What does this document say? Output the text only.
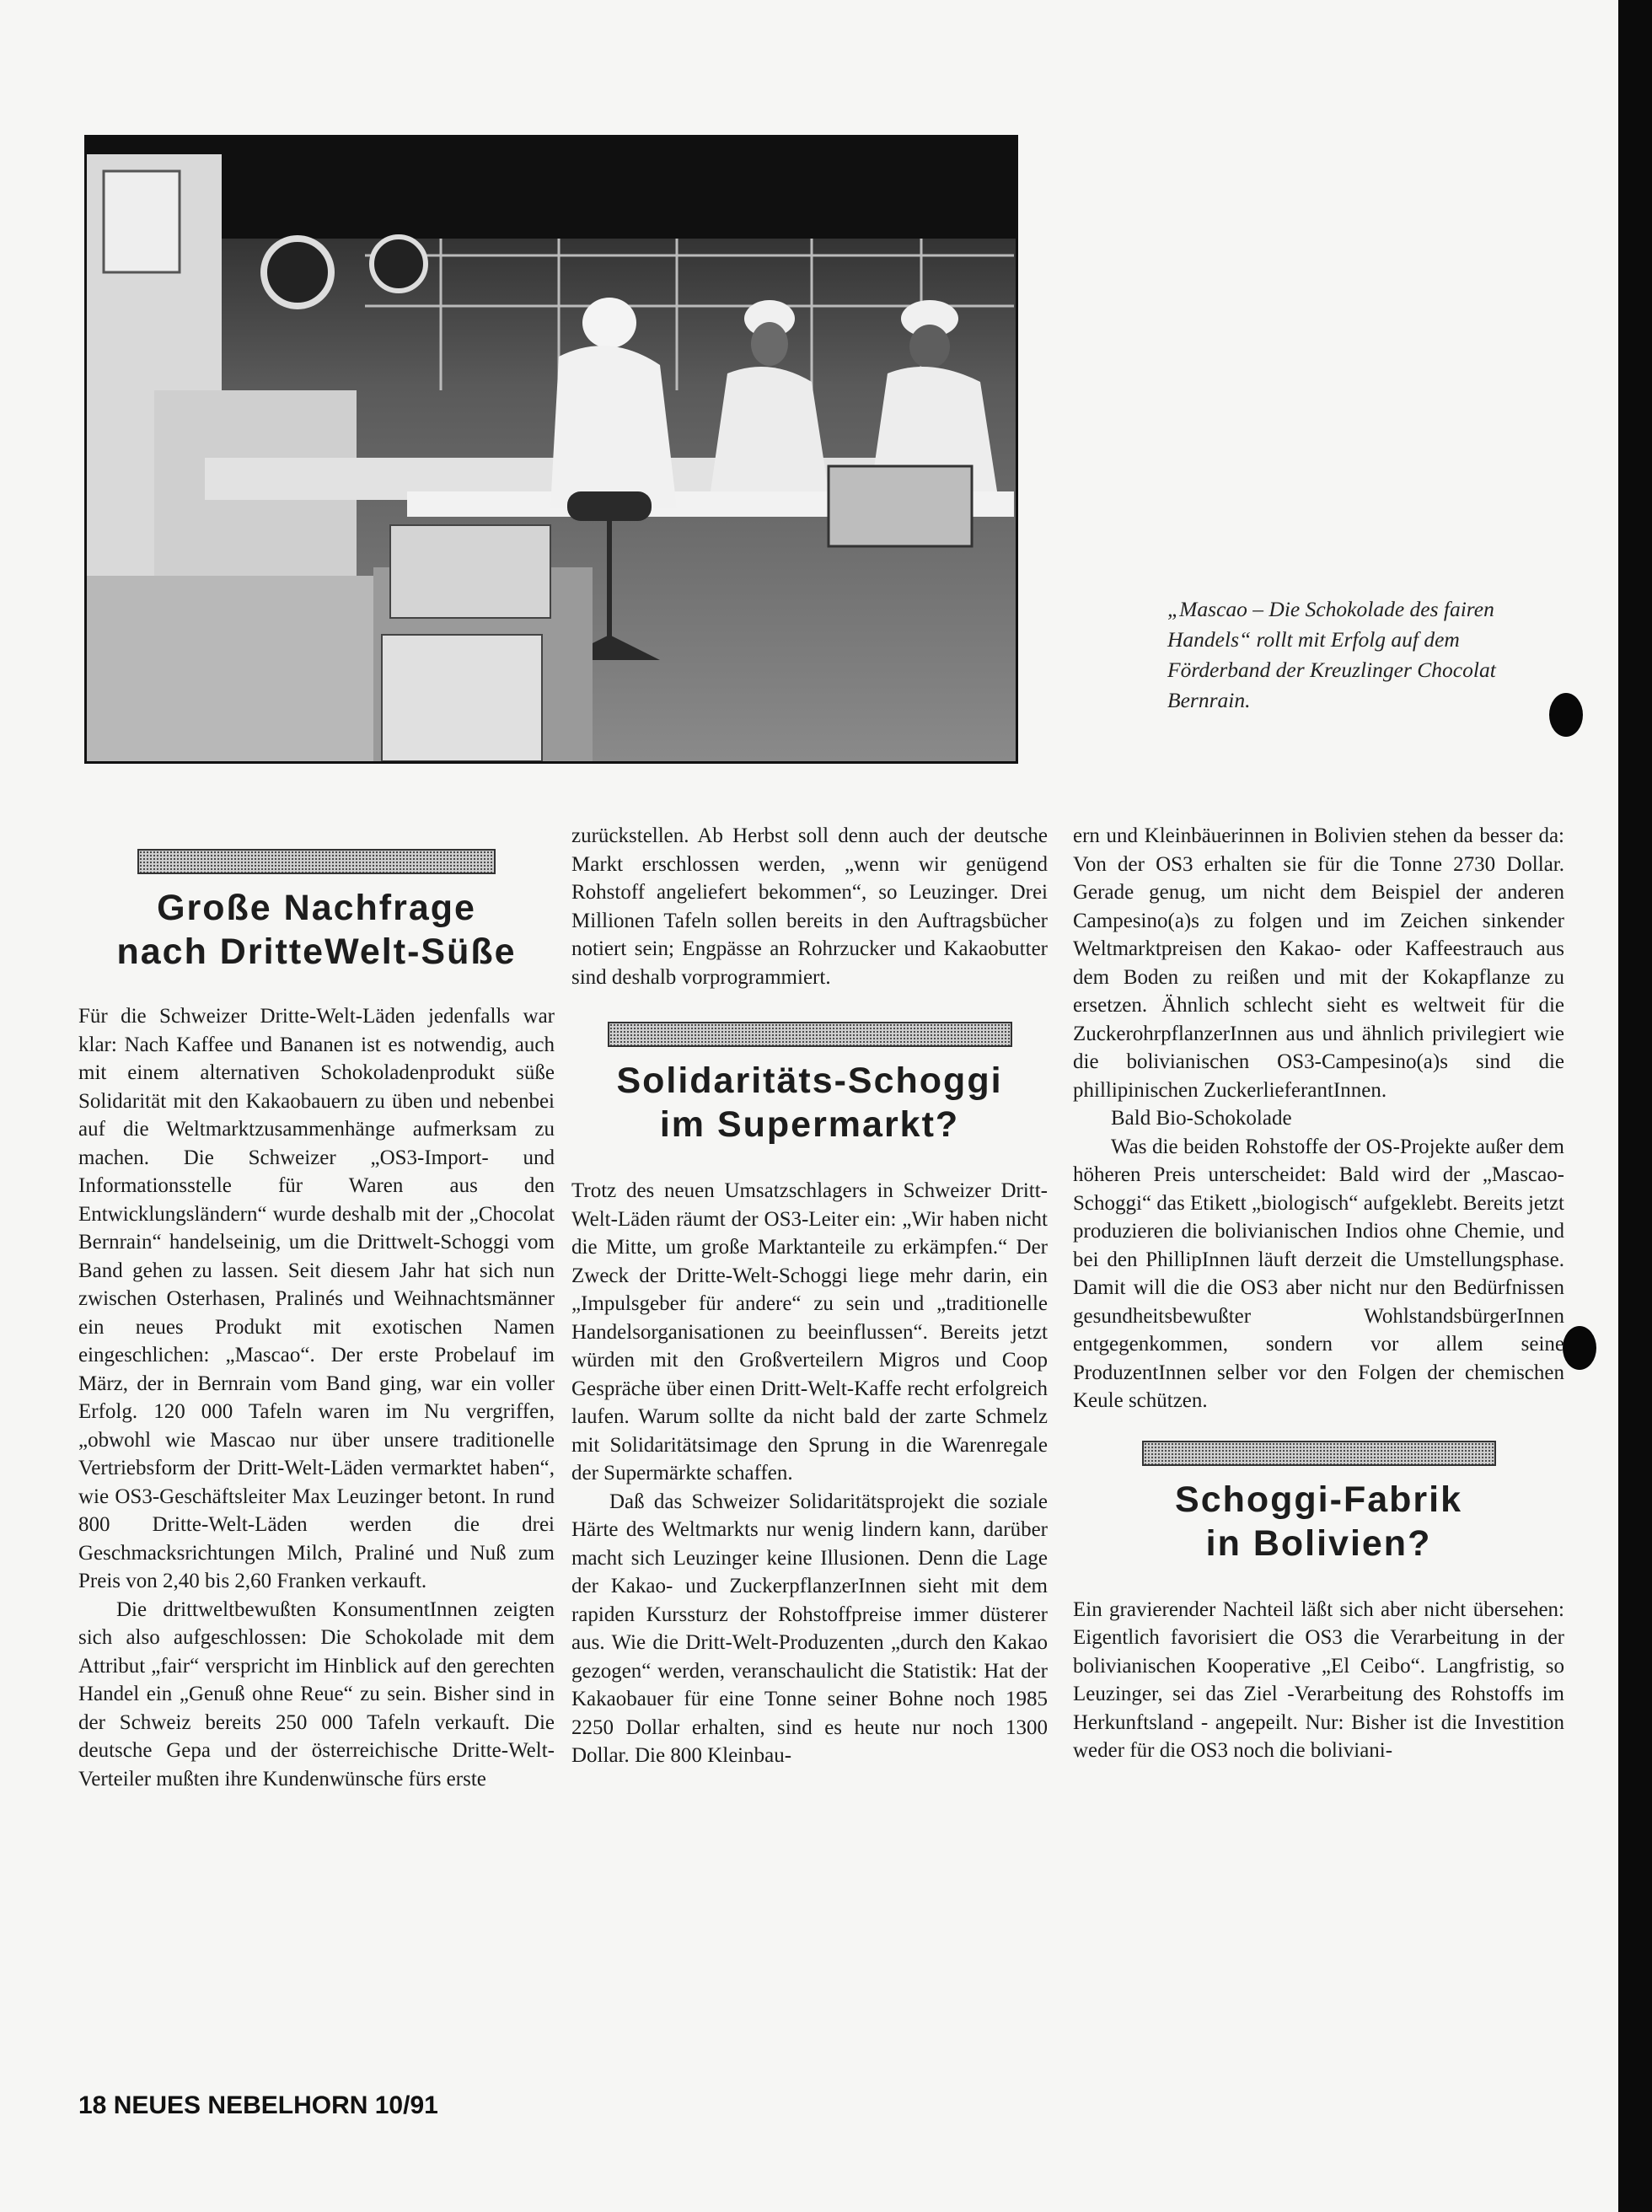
„Mascao – Die Schokolade des fairen Handels“ rollt mit Erfolg auf dem Förderband der Kreuzlinger Chocolat Bernrain.
Große Nachfrage
nach DritteWelt-Süße

Für die Schweizer Dritte-Welt-Läden jedenfalls war klar: Nach Kaffee und Bananen ist es notwendig, auch mit einem alternativen Schokoladenprodukt süße Solidarität mit den Kakaobauern zu üben und nebenbei auf die Weltmarktzusammenhänge aufmerksam zu machen. Die Schweizer „OS3-Import- und Informationsstelle für Waren aus den Entwicklungsländern“ wurde deshalb mit der „Chocolat Bernrain“ handelseinig, um die Drittwelt-Schoggi vom Band gehen zu lassen. Seit diesem Jahr hat sich nun zwischen Osterhasen, Pralinés und Weihnachtsmänner ein neues Produkt mit exotischen Namen eingeschlichen: „Mascao“. Der erste Probelauf im März, der in Bernrain vom Band ging, war ein voller Erfolg. 120 000 Tafeln waren im Nu vergriffen, „obwohl wie Mascao nur über unsere traditionelle Vertriebsform der Dritt-Welt-Läden vermarktet haben“, wie OS3-Geschäftsleiter Max Leuzinger betont. In rund 800 Dritte-Welt-Läden werden die drei Geschmacksrichtungen Milch, Praliné und Nuß zum Preis von 2,40 bis 2,60 Franken verkauft.

Die drittweltbewußten KonsumentInnen zeigten sich also aufgeschlossen: Die Schokolade mit dem Attribut „fair“ verspricht im Hinblick auf den gerechten Handel ein „Genuß ohne Reue“ zu sein. Bisher sind in der Schweiz bereits 250 000 Tafeln verkauft. Die deutsche Gepa und der österreichische Dritte-Welt-Verteiler mußten ihre Kundenwünsche fürs erste

zurückstellen. Ab Herbst soll denn auch der deutsche Markt erschlossen werden, „wenn wir genügend Rohstoff angeliefert bekommen“, so Leuzinger. Drei Millionen Tafeln sollen bereits in den Auftragsbücher notiert sein; Engpässe an Rohrzucker und Kakaobutter sind deshalb vorprogrammiert.

Solidaritäts-Schoggi
im Supermarkt?

Trotz des neuen Umsatzschlagers in Schweizer Dritt-Welt-Läden räumt der OS3-Leiter ein: „Wir haben nicht die Mitte, um große Marktanteile zu erkämpfen.“ Der Zweck der Dritte-Welt-Schoggi liege mehr darin, ein „Impulsgeber für andere“ zu sein und „traditionelle Handelsorganisationen zu beeinflussen“. Bereits jetzt würden mit den Großverteilern Migros und Coop Gespräche über einen Dritt-Welt-Kaffe recht erfolgreich laufen. Warum sollte da nicht bald der zarte Schmelz mit Solidaritätsimage den Sprung in die Warenregale der Supermärkte schaffen.

Daß das Schweizer Solidaritätsprojekt die soziale Härte des Weltmarkts nur wenig lindern kann, darüber macht sich Leuzinger keine Illusionen. Denn die Lage der Kakao- und ZuckerpflanzerInnen sieht mit dem rapiden Kurssturz der Rohstoffpreise immer düsterer aus. Wie die Dritt-Welt-Produzenten „durch den Kakao gezogen“ werden, veranschaulicht die Statistik: Hat der Kakaobauer für eine Tonne seiner Bohne noch 1985 2250 Dollar erhalten, sind es heute nur noch 1300 Dollar. Die 800 Kleinbau-

ern und Kleinbäuerinnen in Bolivien stehen da besser da: Von der OS3 erhalten sie für die Tonne 2730 Dollar. Gerade genug, um nicht dem Beispiel der anderen Campesino(a)s zu folgen und im Zeichen sinkender Weltmarktpreisen den Kakao- oder Kaffeestrauch aus dem Boden zu reißen und mit der Kokapflanze zu ersetzen. Ähnlich schlecht sieht es weltweit für die ZuckerohrpflanzerInnen aus und ähnlich privilegiert wie die bolivianischen OS3-Campesino(a)s sind die phillipinischen ZuckerlieferantInnen.

Bald Bio-Schokolade

Was die beiden Rohstoffe der OS-Projekte außer dem höheren Preis unterscheidet: Bald wird der „Mascao-Schoggi“ das Etikett „biologisch“ aufgeklebt. Bereits jetzt produzieren die bolivianischen Indios ohne Chemie, und bei den PhillipInnen läuft derzeit die Umstellungsphase. Damit will die die OS3 aber nicht nur den Bedürfnissen gesundheitsbewußter WohlstandsbürgerInnen entgegenkommen, sondern vor allem seine ProduzentInnen selber vor den Folgen der chemischen Keule schützen.

Schoggi-Fabrik
in Bolivien?

Ein gravierender Nachteil läßt sich aber nicht übersehen: Eigentlich favorisiert die OS3 die Verarbeitung in der bolivianischen Kooperative „El Ceibo“. Langfristig, so Leuzinger, sei das Ziel -Verarbeitung des Rohstoffs im Herkunftsland - angepeilt. Nur: Bisher ist die Investition weder für die OS3 noch die boliviani-

18 NEUES NEBELHORN 10/91
